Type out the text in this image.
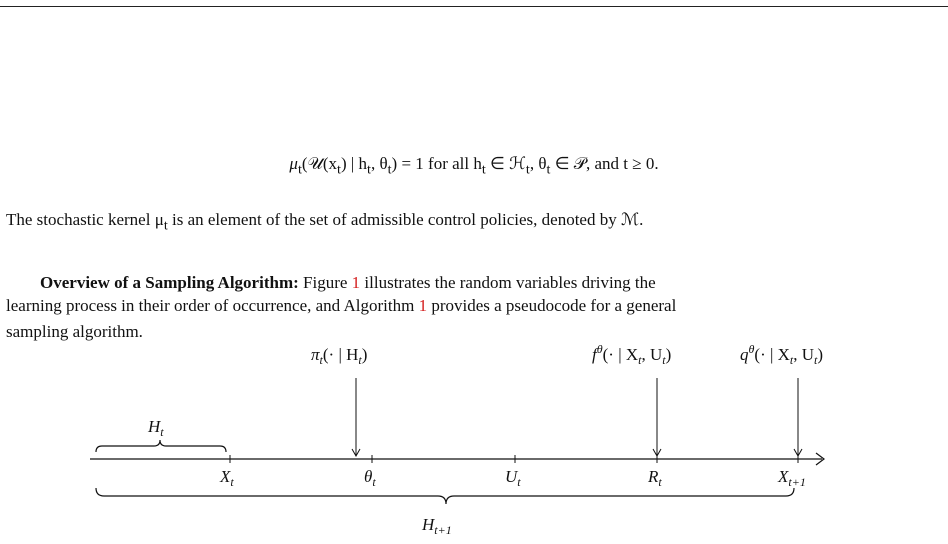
$\mu_t(𝒰(x_t)$ | $h_t$, $\theta_t) = 1$ for all $h_t$ ∈ ℋ$_t$, $\theta_t$ ∈ 𝒫, and t ≥ 0.
The stochastic kernel $\mu_t$ is an element of the set of admissible control policies, denoted by ℳ.
Overview of a Sampling Algorithm: Figure 1 illustrates the random variables driving the
learning process in their order of occurrence, and Algorithm 1 provides a pseudocode for a general
sampling algorithm.
$\pi_t(\cdot$ | $H_t$)	$f^\theta(\cdot$ | $X_t$, $U_t$)	$q^\theta(\cdot$ | $X_t$, $U_t$)
$H_t$
$X_t$	$\theta_t$	$U_t$	$R_t$	$X_{t+1}$
$H_{t+1}$
